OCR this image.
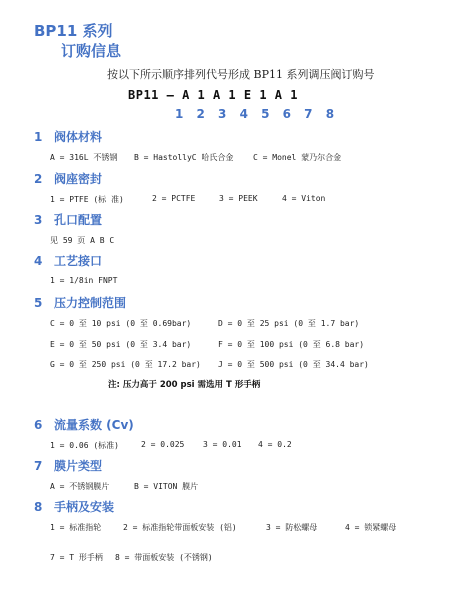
BP11 系列
订购信息
按以下所示顺序排列代号形成 BP11 系列调压阀订购号
BP11 — A 1 A 1 E 1 A 1
1 2 3 4 5 6 7 8
1 阀体材料
A = 316L 不锈钢 B = HastollyC 哈氏合金 C = Monel 蒙乃尔合金
2 阀座密封
1 = PTFE (标 准)	2 = PCTFE	3 = PEEK	4 = Viton
3 孔口配置
见 59 页 A B C
4 工艺接口
1 = 1/8in FNPT
5 压力控制范围
C = 0 至 10 psi (0 至 0.69bar)	D = 0 至 25 psi (0 至 1.7 bar)
E = 0 至 50 psi (0 至 3.4 bar)	F = 0 至 100 psi (0 至 6.8 bar)
G = 0 至 250 psi (0 至 17.2 bar) J = 0 至 500 psi (0 至 34.4 bar)
注: 压力高于 200 psi 需选用 T 形手柄
6 流量系数 (Cv)
1 = 0.06 (标准)	2 = 0.025 3 = 0.01 4 = 0.2
7 膜片类型
A = 不锈钢膜片	B = VITON 膜片
8 手柄及安装
1 = 标准指轮	2 = 标准指轮带面板安装 (铝)	3 = 防松螺母	4 = 锁紧螺母
7 = T 形手柄 8 = 带面板安装 (不锈钢)
